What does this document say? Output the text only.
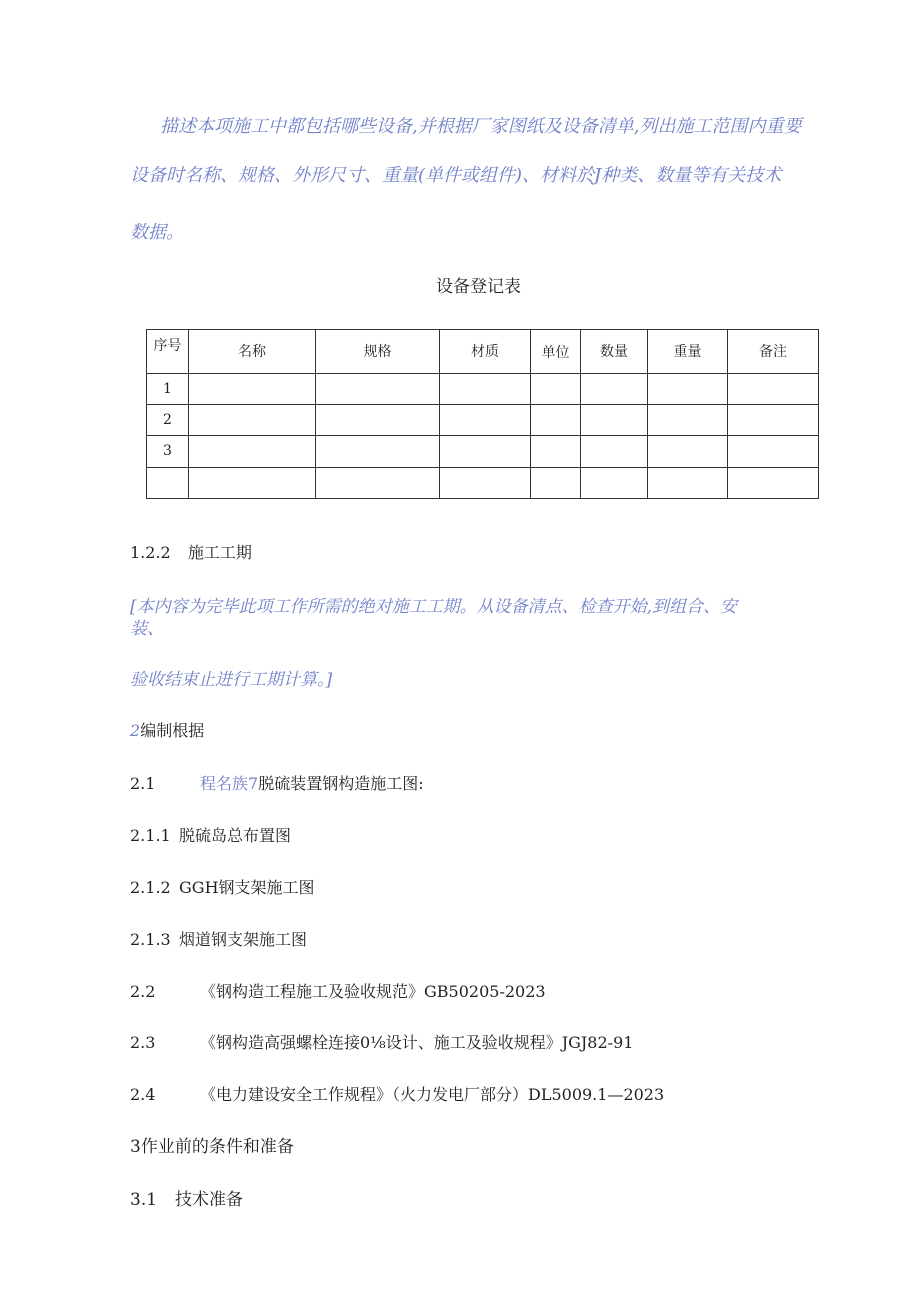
描述本项施工中都包括哪些设备,并根据厂家图纸及设备清单,列出施工范围内重要
设备时名称、规格、外形尺寸、重量(单件或组件)、材料於J种类、数量等有关技术
数据。
设备登记表
序号	名称	规格	材质	单位	数量	重量	备注
1							
2							
3							

1.2.2 施工工期
[本内容为完毕此项工作所需的绝对施工工期。从设备清点、检查开始,到组合、安
装、
验收结束止进行工期计算。]
2编制根据
2.1	程名族7脱硫装置钢构造施工图:
2.1.1 脱硫岛总布置图
2.1.2 GGH钢支架施工图
2.1.3 烟道钢支架施工图
2.2	《钢构造工程施工及验收规范》GB50205-2023
2.3	《钢构造高强螺栓连接0⅛设计、施工及验收规程》JGJ82-91
2.4	《电力建设安全工作规程》（火力发电厂部分）DL5009.1—2023
3作业前的条件和准备
3.1 技术准备
